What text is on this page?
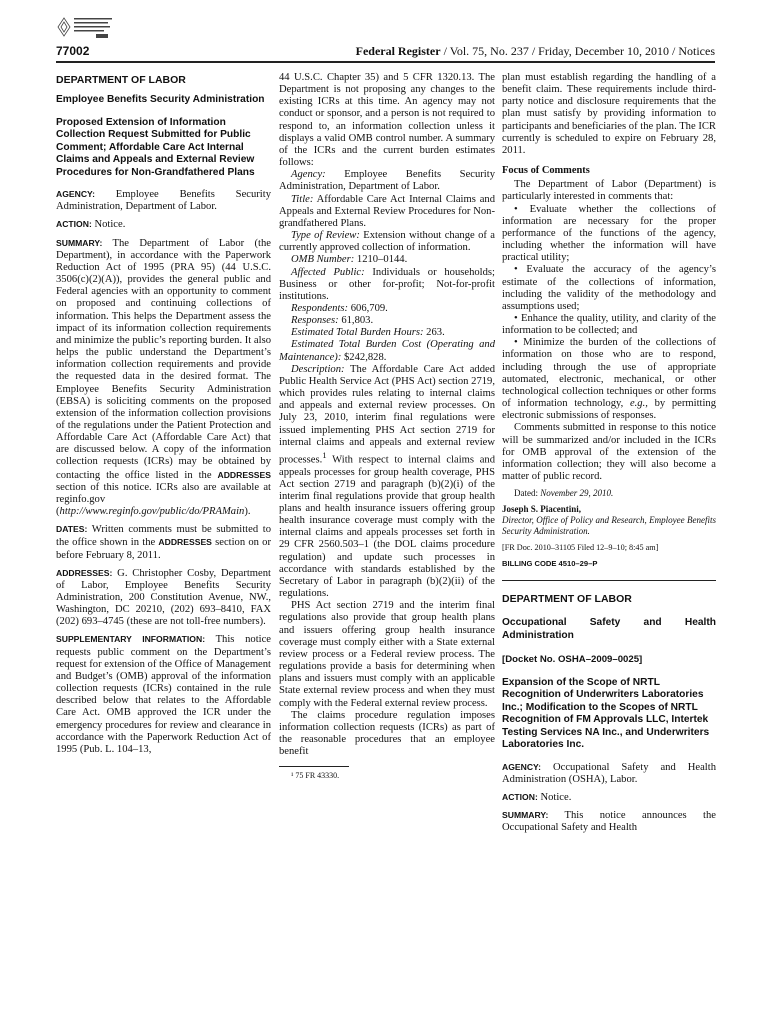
77002	Federal Register / Vol. 75, No. 237 / Friday, December 10, 2010 / Notices

DEPARTMENT OF LABOR

Employee Benefits Security Administration

Proposed Extension of Information Collection Request Submitted for Public Comment; Affordable Care Act Internal Claims and Appeals and External Review Procedures for Non-Grandfathered Plans

AGENCY: Employee Benefits Security Administration, Department of Labor.

ACTION: Notice.

SUMMARY: The Department of Labor (the Department), in accordance with the Paperwork Reduction Act of 1995 (PRA 95) (44 U.S.C. 3506(c)(2)(A)), provides the general public and Federal agencies with an opportunity to comment on proposed and continuing collections of information. This helps the Department assess the impact of its information collection requirements and minimize the public’s reporting burden. It also helps the public understand the Department’s information collection requirements and provide the requested data in the desired format. The Employee Benefits Security Administration (EBSA) is soliciting comments on the proposed extension of the information collection provisions of the regulations under the Patient Protection and Affordable Care Act (Affordable Care Act) that are discussed below. A copy of the information collection requests (ICRs) may be obtained by contacting the office listed in the ADDRESSES section of this notice. ICRs also are available at reginfo.gov (http://www.reginfo.gov/public/do/PRAMain).

DATES: Written comments must be submitted to the office shown in the ADDRESSES section on or before February 8, 2011.

ADDRESSES: G. Christopher Cosby, Department of Labor, Employee Benefits Security Administration, 200 Constitution Avenue, NW., Washington, DC 20210, (202) 693–8410, FAX (202) 693–4745 (these are not toll-free numbers).

SUPPLEMENTARY INFORMATION: This notice requests public comment on the Department’s request for extension of the Office of Management and Budget’s (OMB) approval of the information collection requests (ICRs) contained in the rule described below that relates to the Affordable Care Act. OMB approved the ICR under the emergency procedures for review and clearance in accordance with the Paperwork Reduction Act of 1995 (Pub. L. 104–13,

44 U.S.C. Chapter 35) and 5 CFR 1320.13. The Department is not proposing any changes to the existing ICRs at this time. An agency may not conduct or sponsor, and a person is not required to respond to, an information collection unless it displays a valid OMB control number. A summary of the ICRs and the current burden estimates follows:

Agency: Employee Benefits Security Administration, Department of Labor.

Title: Affordable Care Act Internal Claims and Appeals and External Review Procedures for Non-grandfathered Plans.

Type of Review: Extension without change of a currently approved collection of information.

OMB Number: 1210–0144.

Affected Public: Individuals or households; Business or other for-profit; Not-for-profit institutions.

Respondents: 606,709.

Responses: 61,803.

Estimated Total Burden Hours: 263.

Estimated Total Burden Cost (Operating and Maintenance): $242,828.

Description: The Affordable Care Act added Public Health Service Act (PHS Act) section 2719, which provides rules relating to internal claims and appeals and external review processes. On July 23, 2010, interim final regulations were issued implementing PHS Act section 2719 for internal claims and appeals and external review processes.$^1$ With respect to internal claims and appeals processes for group health coverage, PHS Act section 2719 and paragraph (b)(2)(i) of the interim final regulations provide that group health plans and health insurance issuers offering group health insurance coverage must comply with the internal claims and appeals processes set forth in 29 CFR 2560.503–1 (the DOL claims procedure regulation) and update such processes in accordance with standards established by the Secretary of Labor in paragraph (b)(2)(ii) of the regulations.

PHS Act section 2719 and the interim final regulations also provide that group health plans and issuers offering group health insurance coverage must comply either with a State external review process or a Federal review process. The regulations provide a basis for determining when plans and issuers must comply with an applicable State external review process and when they must comply with the Federal external review process.

The claims procedure regulation imposes information collection requests (ICRs) as part of the reasonable procedures that an employee benefit

¹ 75 FR 43330.

plan must establish regarding the handling of a benefit claim. These requirements include third-party notice and disclosure requirements that the plan must satisfy by providing information to participants and beneficiaries of the plan. The ICR currently is scheduled to expire on February 28, 2011.

Focus of Comments

The Department of Labor (Department) is particularly interested in comments that:

• Evaluate whether the collections of information are necessary for the proper performance of the functions of the agency, including whether the information will have practical utility;

• Evaluate the accuracy of the agency’s estimate of the collections of information, including the validity of the methodology and assumptions used;

• Enhance the quality, utility, and clarity of the information to be collected; and

• Minimize the burden of the collections of information on those who are to respond, including through the use of appropriate automated, electronic, mechanical, or other technological collection techniques or other forms of information technology, e.g., by permitting electronic submissions of responses.

Comments submitted in response to this notice will be summarized and/or included in the ICRs for OMB approval of the extension of the information collection; they will also become a matter of public record.

Dated: November 29, 2010.

Joseph S. Piacentini,

Director, Office of Policy and Research, Employee Benefits Security Administration.

[FR Doc. 2010–31105 Filed 12–9–10; 8:45 am]

BILLING CODE 4510–29–P

DEPARTMENT OF LABOR

Occupational Safety and Health Administration

[Docket No. OSHA–2009–0025]

Expansion of the Scope of NRTL Recognition of Underwriters Laboratories Inc.; Modification to the Scopes of NRTL Recognition of FM Approvals LLC, Intertek Testing Services NA Inc., and Underwriters Laboratories Inc.

AGENCY: Occupational Safety and Health Administration (OSHA), Labor.

ACTION: Notice.

SUMMARY: This notice announces the Occupational Safety and Health
